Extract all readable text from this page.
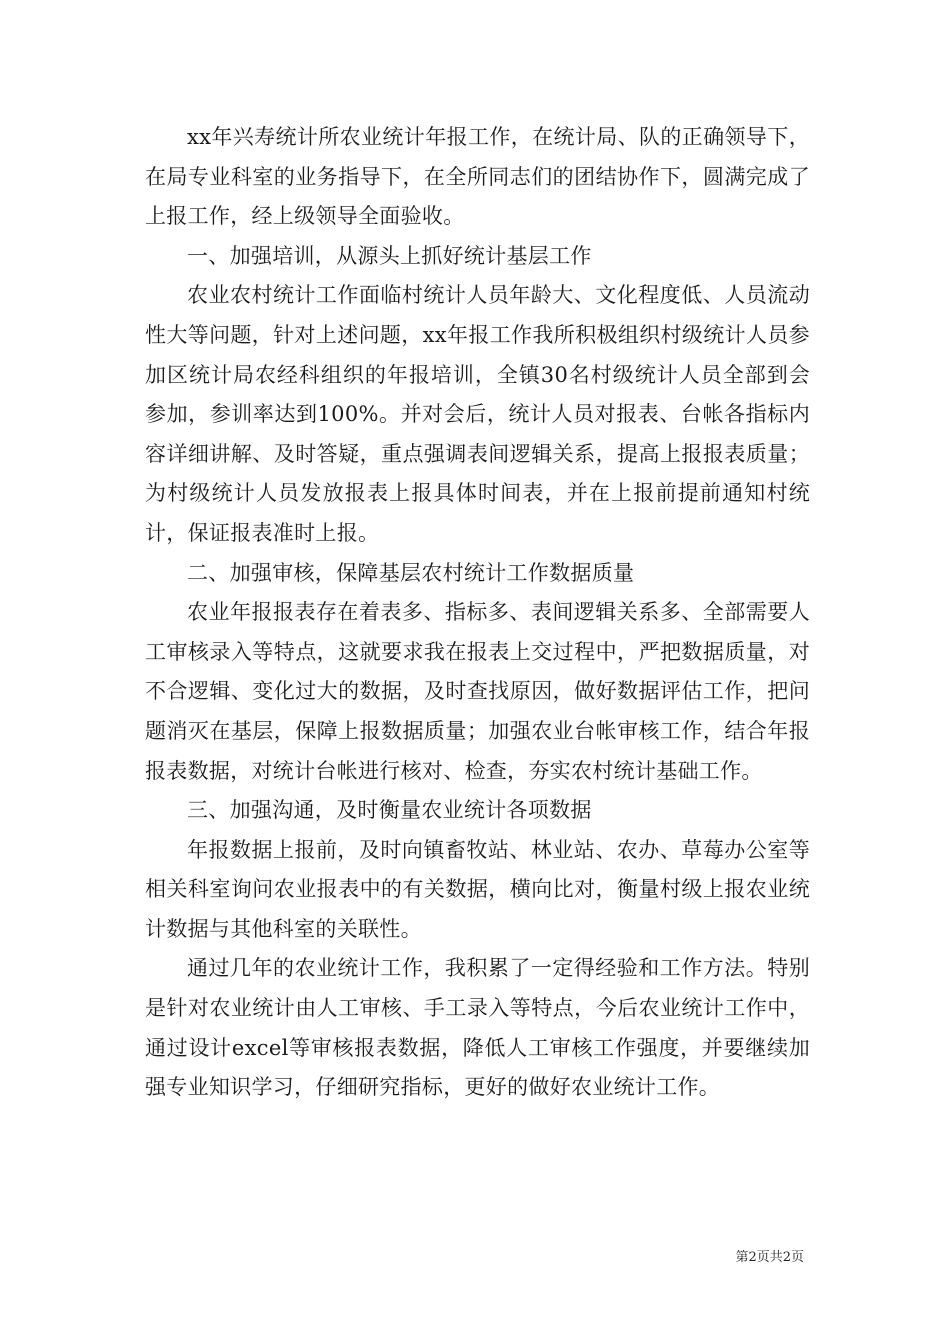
xx年兴寿统计所农业统计年报工作，在统计局、队的正确领导下，在局专业科室的业务指导下，在全所同志们的团结协作下，圆满完成了上报工作，经上级领导全面验收。

一、加强培训，从源头上抓好统计基层工作

农业农村统计工作面临村统计人员年龄大、文化程度低、人员流动性大等问题，针对上述问题，xx年报工作我所积极组织村级统计人员参加区统计局农经科组织的年报培训，全镇30名村级统计人员全部到会参加，参训率达到100%。并对会后，统计人员对报表、台帐各指标内容详细讲解、及时答疑，重点强调表间逻辑关系，提高上报报表质量；为村级统计人员发放报表上报具体时间表，并在上报前提前通知村统计，保证报表准时上报。

二、加强审核，保障基层农村统计工作数据质量

农业年报报表存在着表多、指标多、表间逻辑关系多、全部需要人工审核录入等特点，这就要求我在报表上交过程中，严把数据质量，对不合逻辑、变化过大的数据，及时查找原因，做好数据评估工作，把问题消灭在基层，保障上报数据质量；加强农业台帐审核工作，结合年报报表数据，对统计台帐进行核对、检查，夯实农村统计基础工作。

三、加强沟通，及时衡量农业统计各项数据

年报数据上报前，及时向镇畜牧站、林业站、农办、草莓办公室等相关科室询问农业报表中的有关数据，横向比对，衡量村级上报农业统计数据与其他科室的关联性。

通过几年的农业统计工作，我积累了一定得经验和工作方法。特别是针对农业统计由人工审核、手工录入等特点，今后农业统计工作中，通过设计excel等审核报表数据，降低人工审核工作强度，并要继续加强专业知识学习，仔细研究指标，更好的做好农业统计工作。

第2页共2页
